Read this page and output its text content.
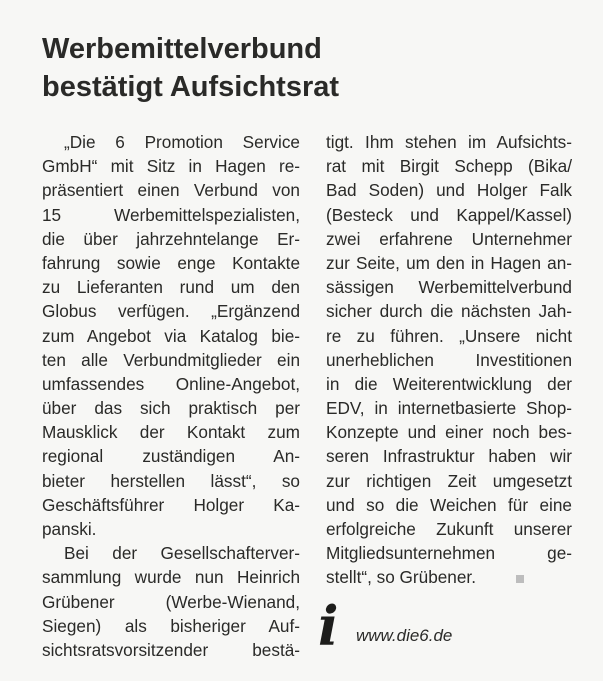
Werbemittelverbund
bestätigt Aufsichtsrat
„Die 6 Promotion Service
GmbH“ mit Sitz in Hagen re-
präsentiert einen Verbund von
15 Werbemittelspezialisten,
die über jahrzehntelange Er-
fahrung sowie enge Kontakte
zu Lieferanten rund um den
Globus verfügen. „Ergänzend
zum Angebot via Katalog bie-
ten alle Verbundmitglieder ein
umfassendes Online-Angebot,
über das sich praktisch per
Mausklick der Kontakt zum
regional zuständigen An-
bieter herstellen lässt“, so
Geschäftsführer Holger Ka-
panski.
Bei der Gesellschafterver-
sammlung wurde nun Heinrich
Grübener (Werbe-Wienand,
Siegen) als bisheriger Auf-
sichtsratsvorsitzender bestä-
tigt. Ihm stehen im Aufsichts-
rat mit Birgit Schepp (Bika/
Bad Soden) und Holger Falk
(Besteck und Kappel/Kassel)
zwei erfahrene Unternehmer
zur Seite, um den in Hagen an-
sässigen Werbemittelverbund
sicher durch die nächsten Jah-
re zu führen. „Unsere nicht
unerheblichen Investitionen
in die Weiterentwicklung der
EDV, in internetbasierte Shop-
Konzepte und einer noch bes-
seren Infrastruktur haben wir
zur richtigen Zeit umgesetzt
und so die Weichen für eine
erfolgreiche Zukunft unserer
Mitgliedsunternehmen ge-
stellt“, so Grübener.
i www.die6.de
